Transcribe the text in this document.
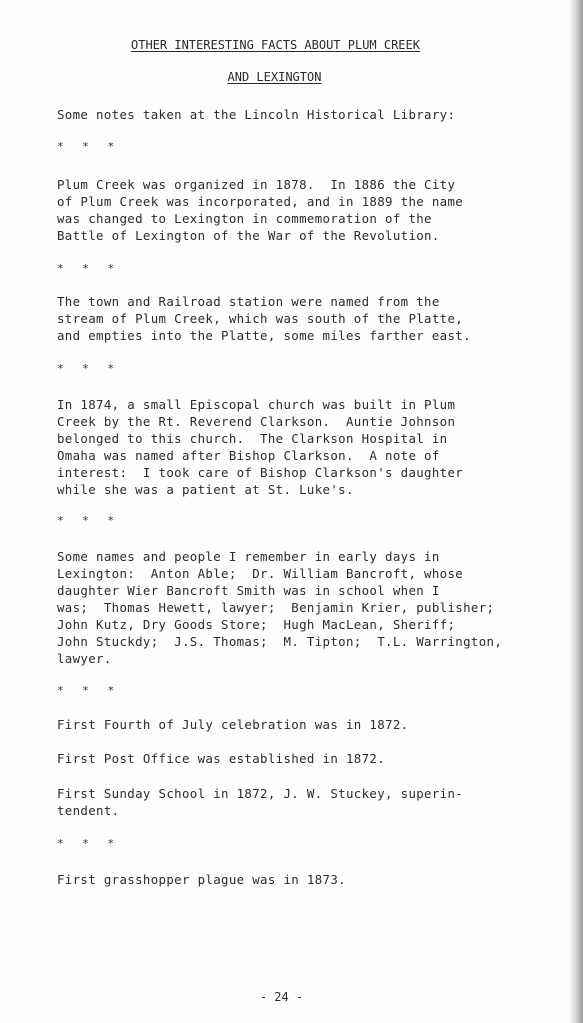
OTHER INTERESTING FACTS ABOUT PLUM CREEK
AND LEXINGTON
Some notes taken at the Lincoln Historical Library:
* * *
Plum Creek was organized in 1878.  In 1886 the City
of Plum Creek was incorporated, and in 1889 the name
was changed to Lexington in commemoration of the
Battle of Lexington of the War of the Revolution.
* * *
The town and Railroad station were named from the
stream of Plum Creek, which was south of the Platte,
and empties into the Platte, some miles farther east.
* * *
In 1874, a small Episcopal church was built in Plum
Creek by the Rt. Reverend Clarkson.  Auntie Johnson
belonged to this church.  The Clarkson Hospital in
Omaha was named after Bishop Clarkson.  A note of
interest:  I took care of Bishop Clarkson's daughter
while she was a patient at St. Luke's.
* * *
Some names and people I remember in early days in
Lexington:  Anton Able;  Dr. William Bancroft, whose
daughter Wier Bancroft Smith was in school when I
was;  Thomas Hewett, lawyer;  Benjamin Krier, publisher;
John Kutz, Dry Goods Store;  Hugh MacLean, Sheriff;
John Stuckdy;  J.S. Thomas;  M. Tipton;  T.L. Warrington,
lawyer.
* * *
First Fourth of July celebration was in 1872.
First Post Office was established in 1872.
First Sunday School in 1872, J. W. Stuckey, superin-
tendent.
* * *
First grasshopper plague was in 1873.
- 24 -
